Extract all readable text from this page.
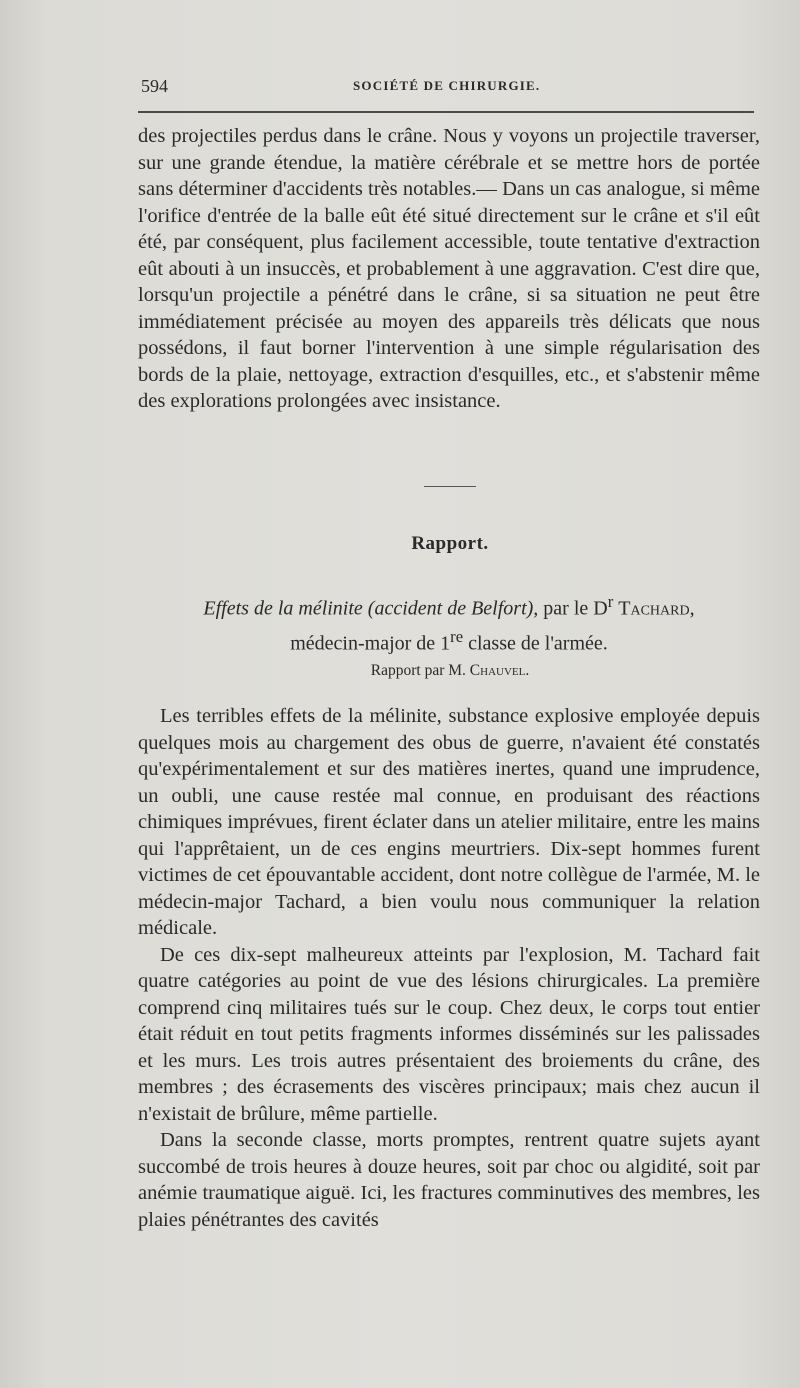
594	SOCIÉTÉ DE CHIRURGIE.

des projectiles perdus dans le crâne. Nous y voyons un projectile traverser, sur une grande étendue, la matière cérébrale et se mettre hors de portée sans déterminer d'accidents très notables.— Dans un cas analogue, si même l'orifice d'entrée de la balle eût été situé directement sur le crâne et s'il eût été, par conséquent, plus facilement accessible, toute tentative d'extraction eût abouti à un insuccès, et probablement à une aggravation. C'est dire que, lorsqu'un projectile a pénétré dans le crâne, si sa situation ne peut être immédiatement précisée au moyen des appareils très délicats que nous possédons, il faut borner l'intervention à une simple régularisation des bords de la plaie, nettoyage, extraction d'esquilles, etc., et s'abstenir même des explorations prolongées avec insistance.

Rapport.
Effets de la mélinite (accident de Belfort), par le $D^r$ Tachard,
médecin-major de 1re classe de l'armée.
Rapport par M. Chauvel.

Les terribles effets de la mélinite, substance explosive employée depuis quelques mois au chargement des obus de guerre, n'avaient été constatés qu'expérimentalement et sur des matières inertes, quand une imprudence, un oubli, une cause restée mal connue, en produisant des réactions chimiques imprévues, firent éclater dans un atelier militaire, entre les mains qui l'apprêtaient, un de ces engins meurtriers. Dix-sept hommes furent victimes de cet épouvantable accident, dont notre collègue de l'armée, M. le médecin-major Tachard, a bien voulu nous communiquer la relation médicale.

De ces dix-sept malheureux atteints par l'explosion, M. Tachard fait quatre catégories au point de vue des lésions chirurgicales. La première comprend cinq militaires tués sur le coup. Chez deux, le corps tout entier était réduit en tout petits fragments informes disséminés sur les palissades et les murs. Les trois autres présentaient des broiements du crâne, des membres ; des écrasements des viscères principaux; mais chez aucun il n'existait de brûlure, même partielle.

Dans la seconde classe, morts promptes, rentrent quatre sujets ayant succombé de trois heures à douze heures, soit par choc ou algidité, soit par anémie traumatique aiguë. Ici, les fractures comminutives des membres, les plaies pénétrantes des cavités
